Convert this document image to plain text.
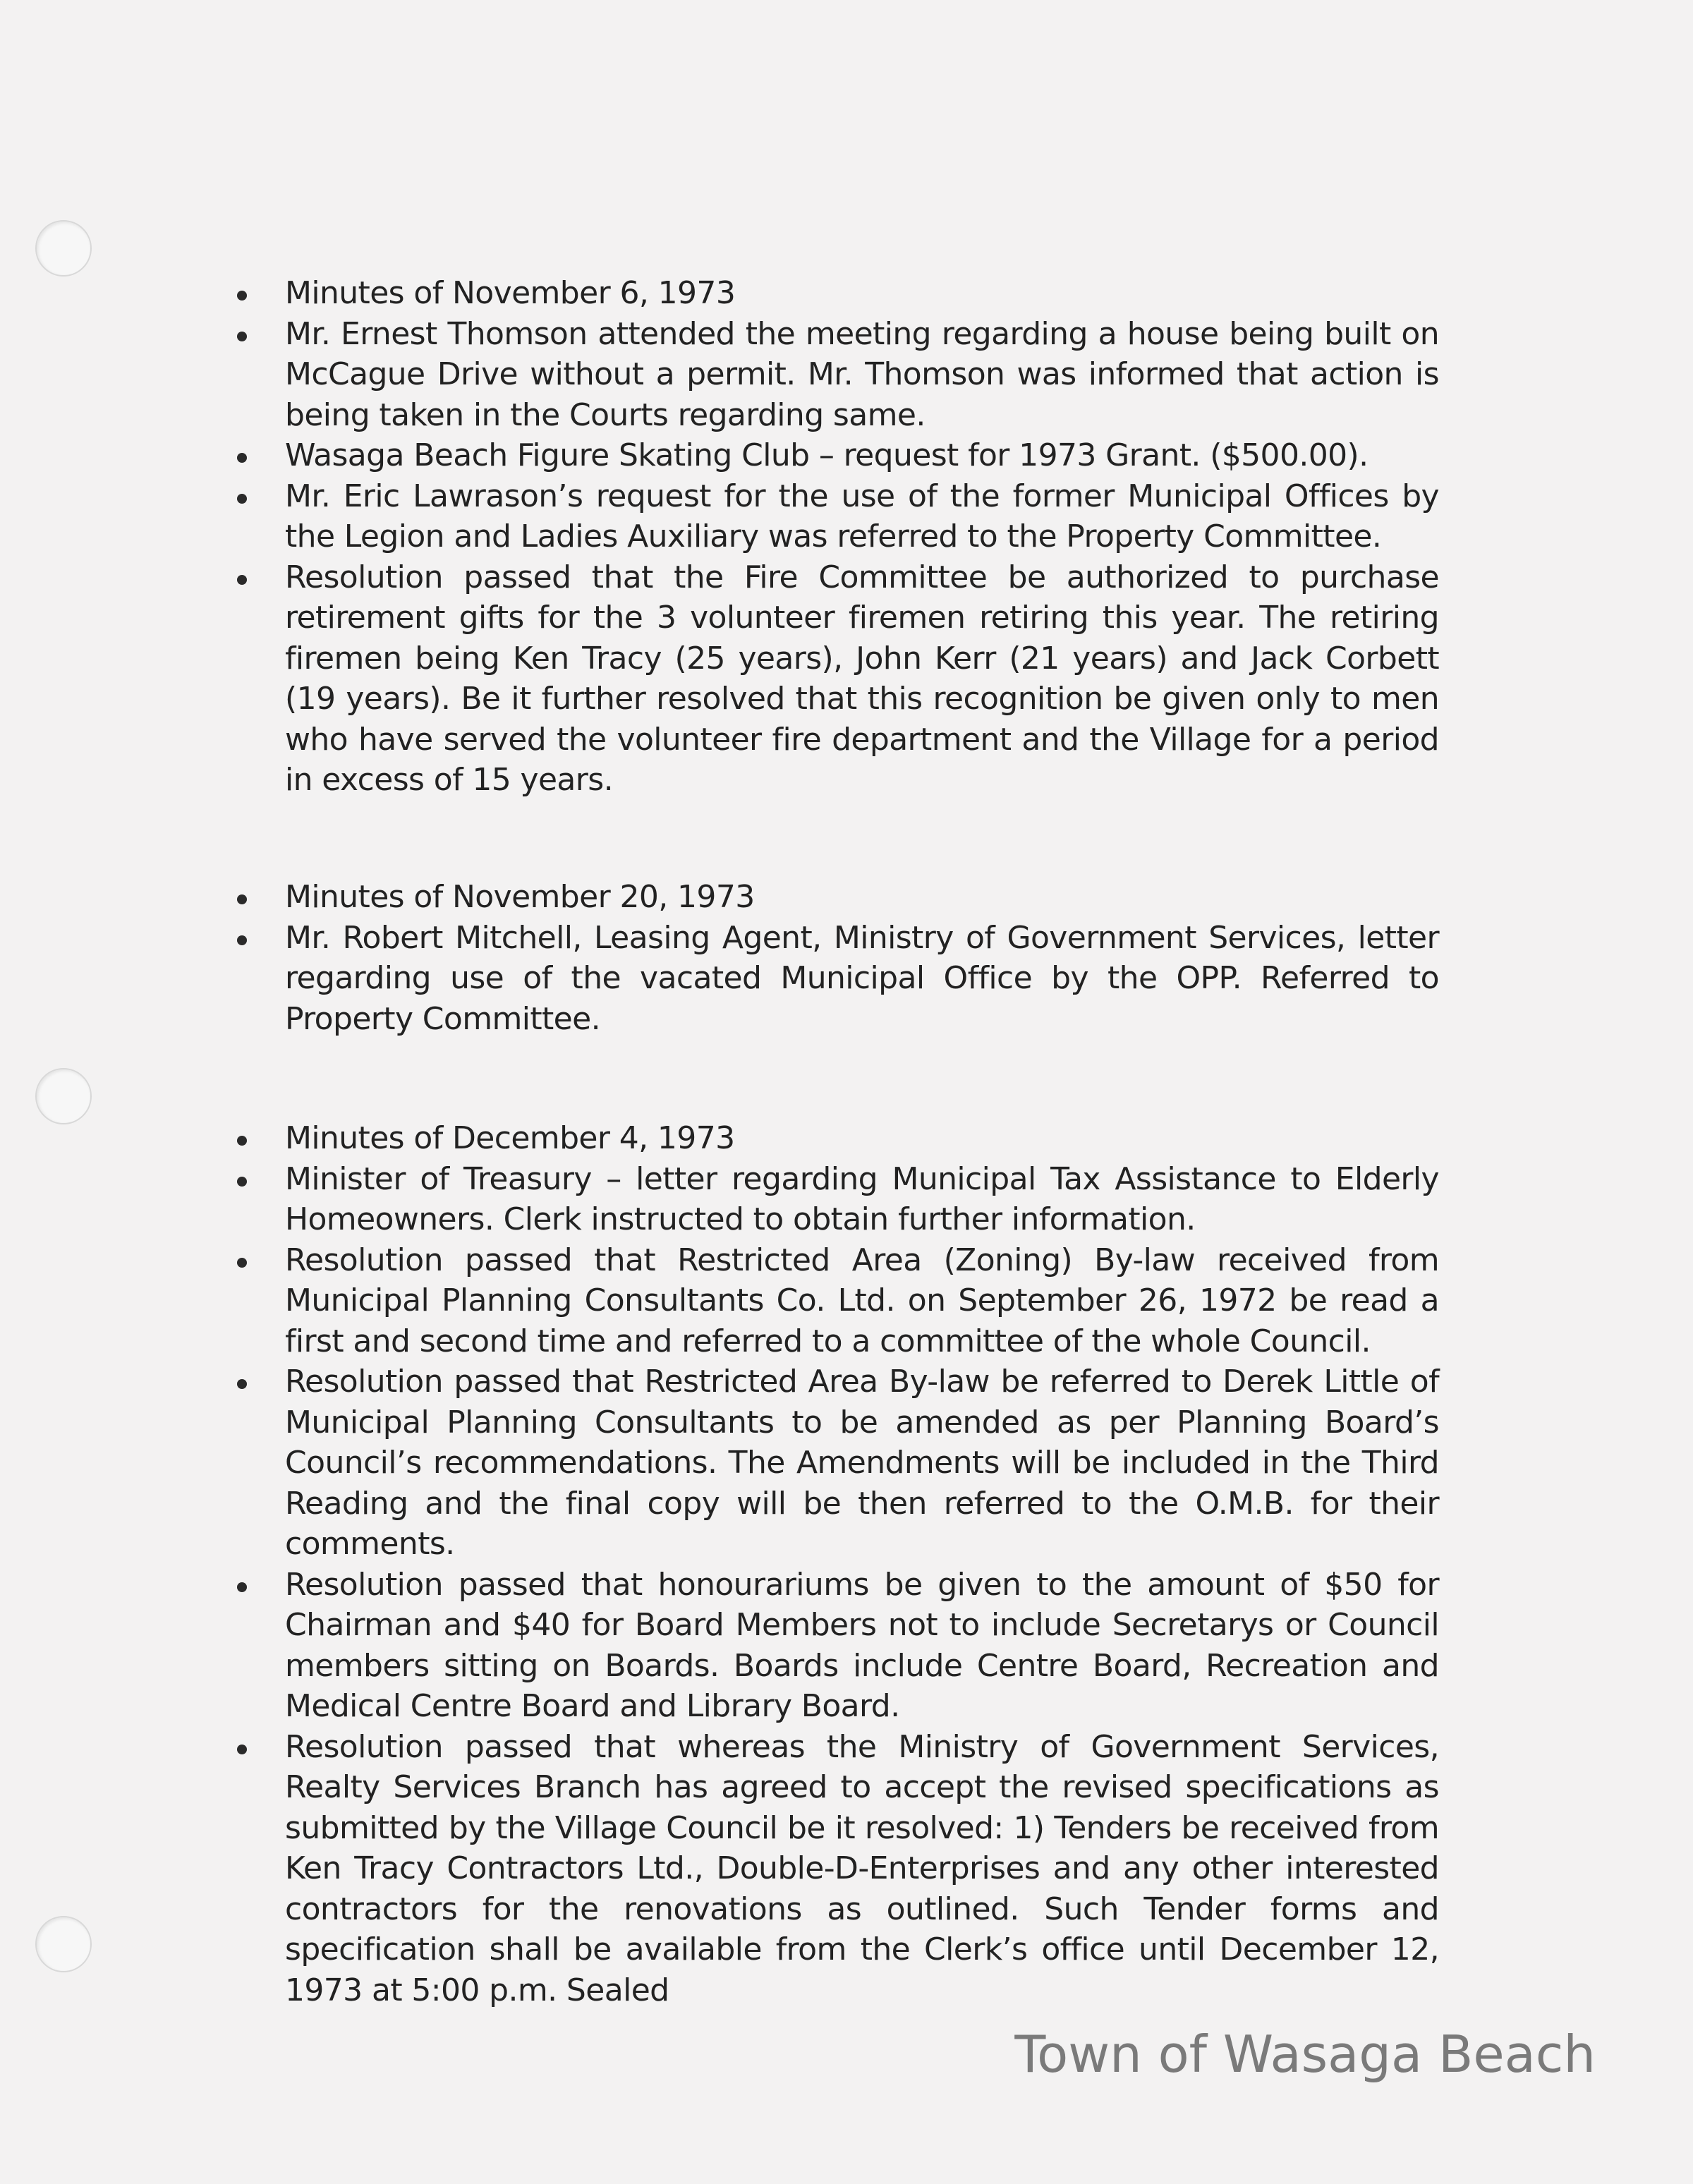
Minutes of November 6, 1973
Mr. Ernest Thomson attended the meeting regarding a house being built on McCague Drive without a permit. Mr. Thomson was informed that action is being taken in the Courts regarding same.
Wasaga Beach Figure Skating Club – request for 1973 Grant. ($500.00).
Mr. Eric Lawrason’s request for the use of the former Municipal Offices by the Legion and Ladies Auxiliary was referred to the Property Committee.
Resolution passed that the Fire Committee be authorized to purchase retirement gifts for the 3 volunteer firemen retiring this year. The retiring firemen being Ken Tracy (25 years), John Kerr (21 years) and Jack Corbett (19 years). Be it further resolved that this recognition be given only to men who have served the volunteer fire department and the Village for a period in excess of 15 years.
Minutes of November 20, 1973
Mr. Robert Mitchell, Leasing Agent, Ministry of Government Services, letter regarding use of the vacated Municipal Office by the OPP. Referred to Property Committee.
Minutes of December 4, 1973
Minister of Treasury – letter regarding Municipal Tax Assistance to Elderly Homeowners. Clerk instructed to obtain further information.
Resolution passed that Restricted Area (Zoning) By-law received from Municipal Planning Consultants Co. Ltd. on September 26, 1972 be read a first and second time and referred to a committee of the whole Council.
Resolution passed that Restricted Area By-law be referred to Derek Little of Municipal Planning Consultants to be amended as per Planning Board’s Council’s recommendations. The Amendments will be included in the Third Reading and the final copy will be then referred to the O.M.B. for their comments.
Resolution passed that honourariums be given to the amount of $50 for Chairman and $40 for Board Members not to include Secretarys or Council members sitting on Boards. Boards include Centre Board, Recreation and Medical Centre Board and Library Board.
Resolution passed that whereas the Ministry of Government Services, Realty Services Branch has agreed to accept the revised specifications as submitted by the Village Council be it resolved: 1) Tenders be received from Ken Tracy Contractors Ltd., Double-D-Enterprises and any other interested contractors for the renovations as outlined. Such Tender forms and specification shall be available from the Clerk’s office until December 12, 1973 at 5:00 p.m. Sealed
Town of Wasaga Beach
